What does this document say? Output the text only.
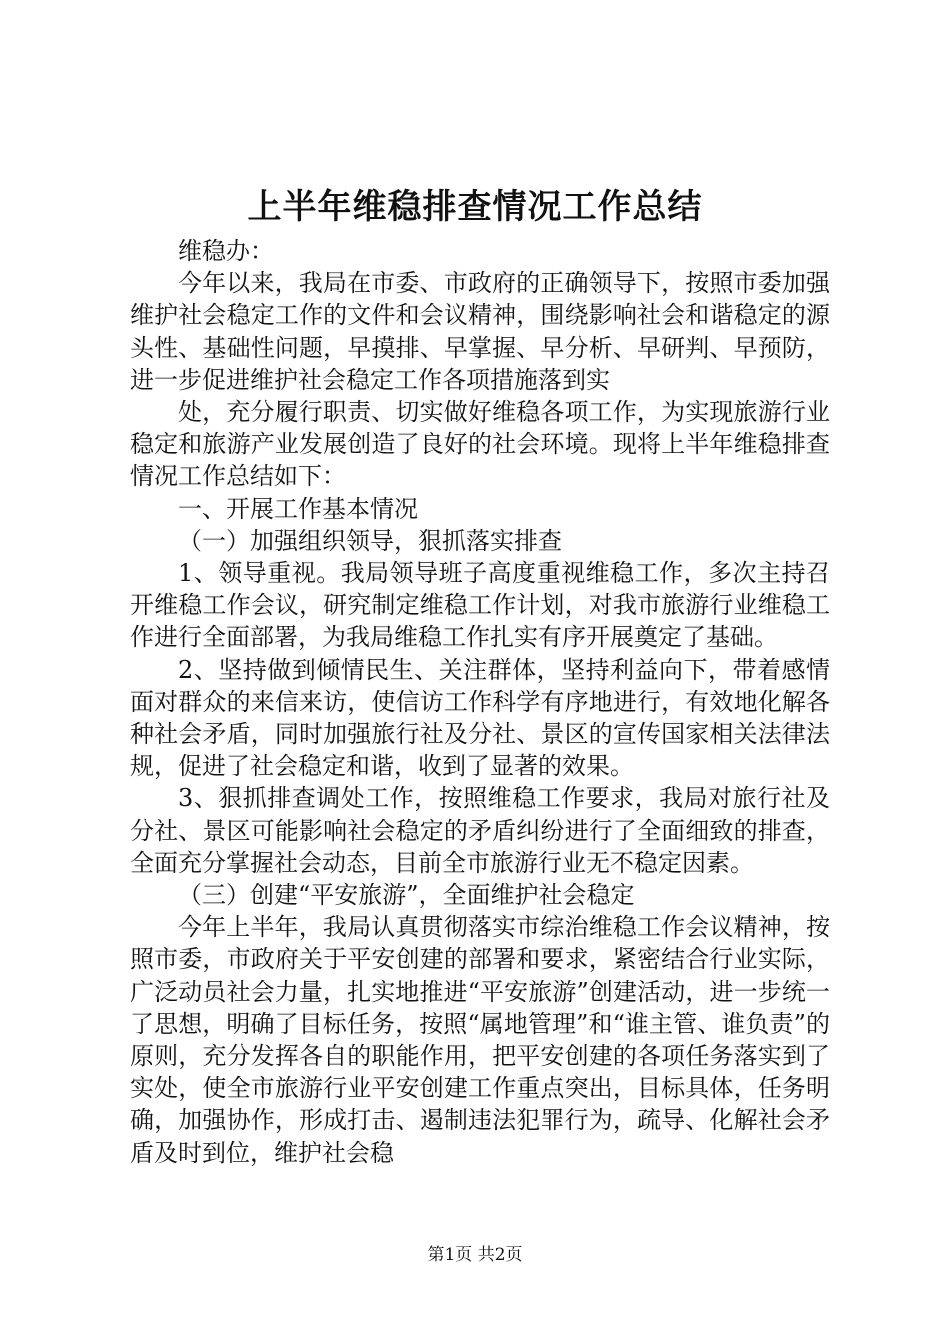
上半年维稳排查情况工作总结

维稳办：

今年以来，我局在市委、市政府的正确领导下，按照市委加强维护社会稳定工作的文件和会议精神，围绕影响社会和谐稳定的源头性、基础性问题，早摸排、早掌握、早分析、早研判、早预防，进一步促进维护社会稳定工作各项措施落到实

处，充分履行职责、切实做好维稳各项工作，为实现旅游行业稳定和旅游产业发展创造了良好的社会环境。现将上半年维稳排查情况工作总结如下：

一、开展工作基本情况

（一）加强组织领导，狠抓落实排查

1、领导重视。我局领导班子高度重视维稳工作，多次主持召开维稳工作会议，研究制定维稳工作计划，对我市旅游行业维稳工作进行全面部署，为我局维稳工作扎实有序开展奠定了基础。

2、坚持做到倾情民生、关注群体，坚持利益向下，带着感情面对群众的来信来访，使信访工作科学有序地进行，有效地化解各种社会矛盾，同时加强旅行社及分社、景区的宣传国家相关法律法规，促进了社会稳定和谐，收到了显著的效果。

3、狠抓排查调处工作，按照维稳工作要求，我局对旅行社及分社、景区可能影响社会稳定的矛盾纠纷进行了全面细致的排查，全面充分掌握社会动态，目前全市旅游行业无不稳定因素。

（三）创建“平安旅游”，全面维护社会稳定

今年上半年，我局认真贯彻落实市综治维稳工作会议精神，按照市委，市政府关于平安创建的部署和要求，紧密结合行业实际，广泛动员社会力量，扎实地推进“平安旅游”创建活动，进一步统一了思想，明确了目标任务，按照“属地管理”和“谁主管、谁负责”的原则，充分发挥各自的职能作用，把平安创建的各项任务落实到了实处，使全市旅游行业平安创建工作重点突出，目标具体，任务明确，加强协作，形成打击、遏制违法犯罪行为，疏导、化解社会矛盾及时到位，维护社会稳

第1页 共2页
